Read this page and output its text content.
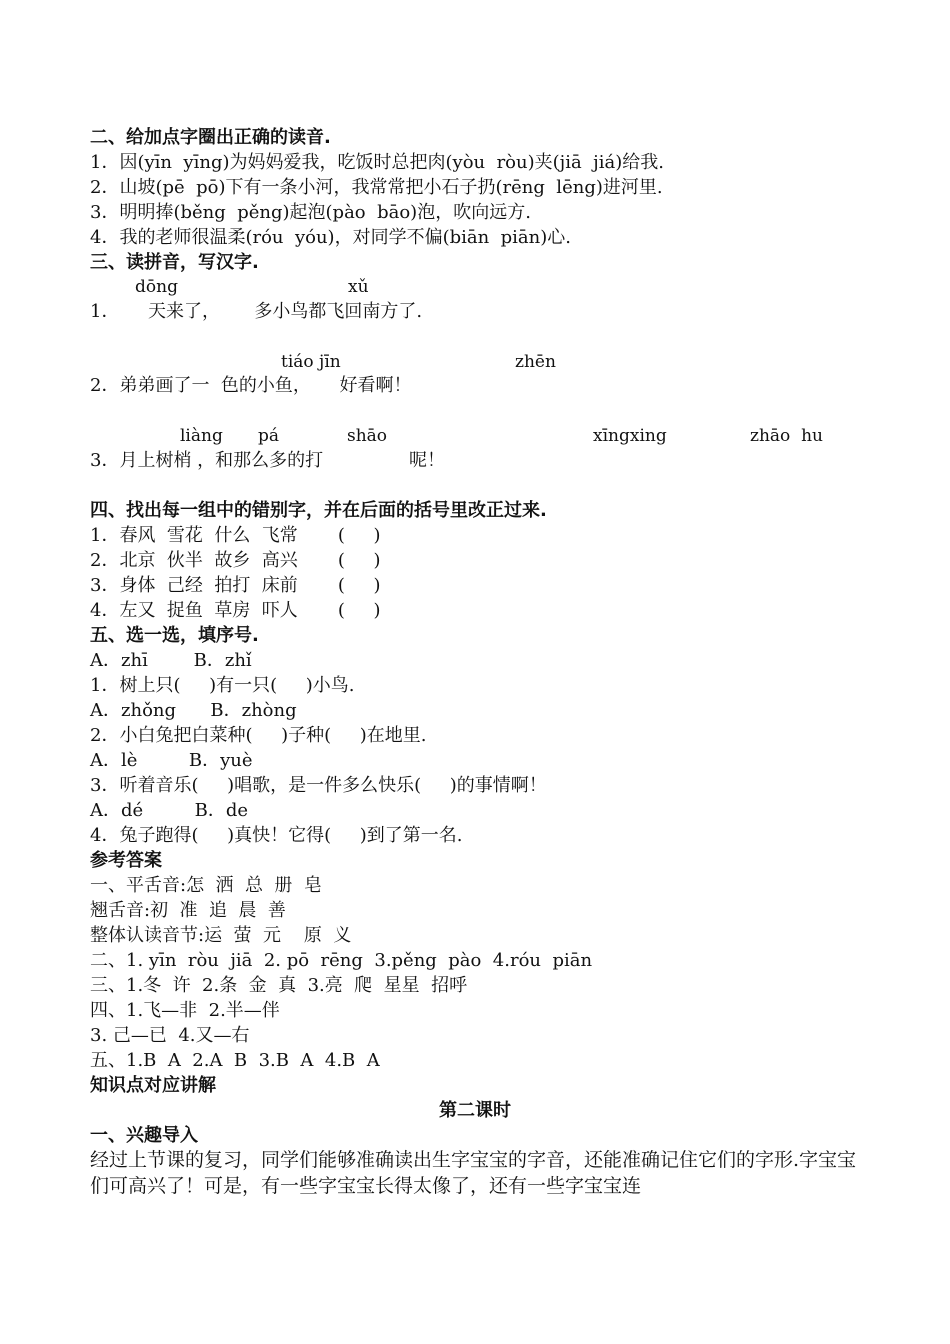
二、给加点字圈出正确的读音.
1．因(yīn  yīng)为妈妈爱我，吃饭时总把肉(yòu  ròu)夹(jiā  jiá)给我.
2．山坡(pē  pō)下有一条小河，我常常把小石子扔(rēng  lēng)进河里.
3．明明捧(běng  pěng)起泡(pào  bāo)泡，吹向远方.
4．我的老师很温柔(róu  yóu)，对同学不偏(biān  piān)心.
三、读拼音，写汉字.
dōng	xǔ
1．     天来了，      多小鸟都飞回南方了.
tiáo jīn	zhēn
2．弟弟画了一  色的小鱼，     好看啊！
liàng pá	shāo	xīngxing	zhāo  hu
3．月上树梢 ，和那么多的打               呢！
四、找出每一组中的错别字，并在后面的括号里改正过来.
1．春风  雪花  什么  飞常       (     )
2．北京  伙半  故乡  高兴       (     )
3．身体  己经  拍打  床前       (     )
4．左又  捉鱼  草房  吓人       (     )
五、选一选，填序号.
A．zhī        B．zhǐ
1．树上只(     )有一只(     )小鸟.
A．zhǒng      B．zhòng
2．小白兔把白菜种(     )子种(     )在地里.
A．lè         B．yuè
3．听着音乐(     )唱歌，是一件多么快乐(     )的事情啊！
A．dé         B．de
4．兔子跑得(     )真快！它得(     )到了第一名.
参考答案
一、平舌音:怎  洒  总  册  皂
翘舌音:初  准  追  晨  善
整体认读音节:运  萤  元    原  义
二、1. yīn  ròu  jiā  2. pō  rēng  3.pěng  pào  4.róu  piān
三、1.冬  许  2.条  金  真  3.亮  爬  星星  招呼
四、1.飞—非  2.半—伴
3. 己—已  4.又—右
五、1.B  A  2.A  B  3.B  A  4.B  A
知识点对应讲解
第二课时
一、兴趣导入
经过上节课的复习，同学们能够准确读出生字宝宝的字音，还能准确记住它们的字形.字宝宝们可高兴了！可是，有一些字宝宝长得太像了，还有一些字宝宝连
